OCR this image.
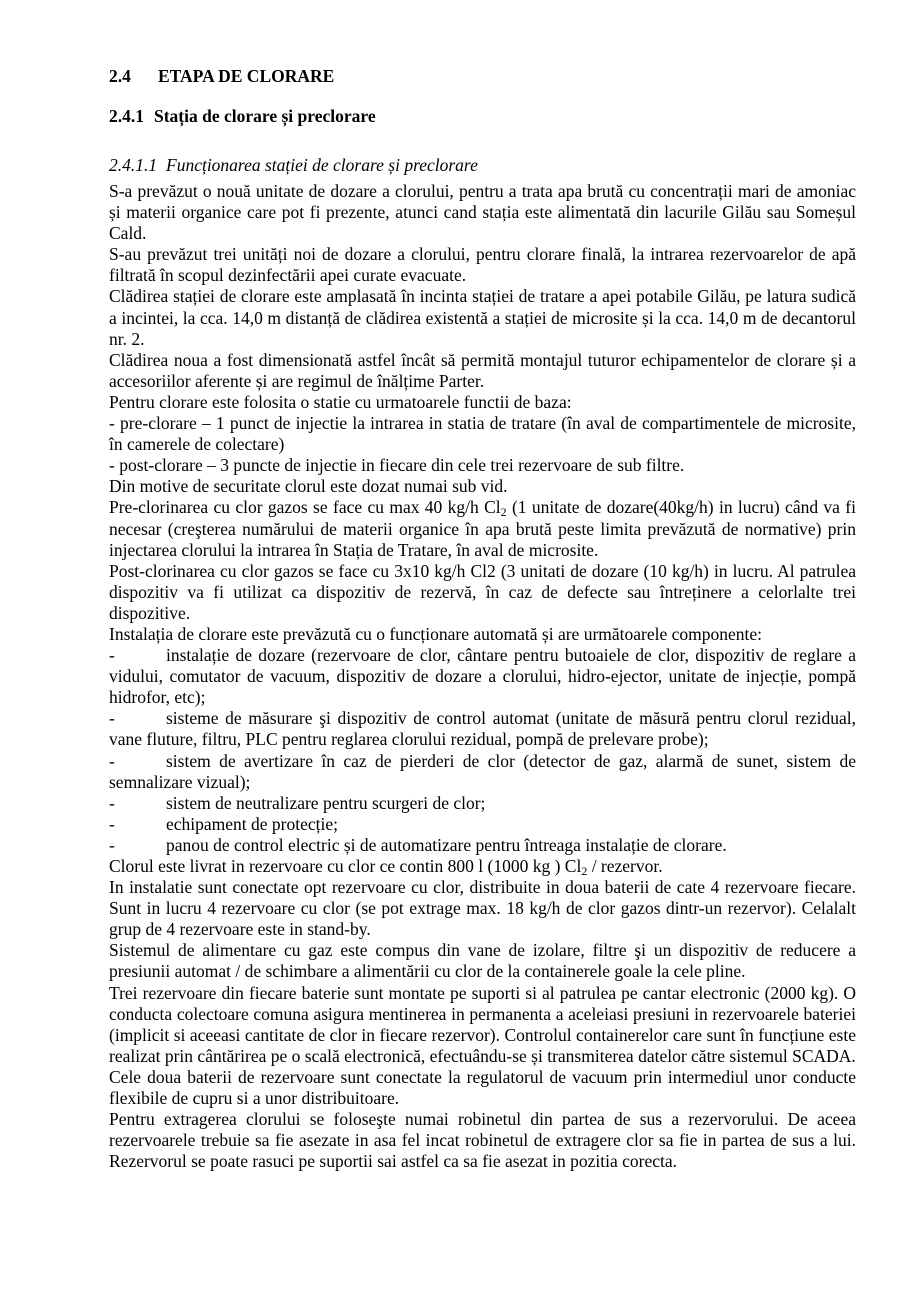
2.4 ETAPA DE CLORARE
2.4.1 Stația de clorare și preclorare
2.4.1.1 Funcționarea stației de clorare și preclorare

S-a prevăzut o nouă unitate de dozare a clorului, pentru a trata apa brută cu concentrații mari de amoniac și materii organice care pot fi prezente, atunci cand stația este alimentată din lacurile Gilău sau Someșul Cald.

S-au prevăzut trei unități noi de dozare a clorului, pentru clorare finală, la intrarea rezervoarelor de apă filtrată în scopul dezinfectării apei curate evacuate.

Clădirea stației de clorare este amplasată în incinta stației de tratare a apei potabile Gilău, pe latura sudică a incintei, la cca. 14,0 m distanță de clădirea existentă a stației de microsite și la cca. 14,0 m de decantorul nr. 2.

Clădirea noua a fost dimensionată astfel încât să permită montajul tuturor echipamentelor de clorare și a accesoriilor aferente și are regimul de înălțime Parter.

Pentru clorare este folosita o statie cu urmatoarele functii de baza:

- pre-clorare – 1 punct de injectie la intrarea in statia de tratare (în aval de compartimentele de microsite, în camerele de colectare)

- post-clorare – 3 puncte de injectie in fiecare din cele trei rezervoare de sub filtre.

Din motive de securitate clorul este dozat numai sub vid.

Pre-clorinarea cu clor gazos se face cu max 40 kg/h $Cl_2$ (1 unitate de dozare(40kg/h) in lucru) când va fi necesar (creşterea numărului de materii organice în apa brută peste limita prevăzută de normative) prin injectarea clorului la intrarea în Stația de Tratare, în aval de microsite.

Post-clorinarea cu clor gazos se face cu 3x10 kg/h Cl2 (3 unitati de dozare (10 kg/h) in lucru. Al patrulea dispozitiv va fi utilizat ca dispozitiv de rezervă, în caz de defecte sau întreținere a celorlalte trei dispozitive.

Instalația de clorare este prevăzută cu o funcționare automată și are următoarele componente:

-	instalație de dozare (rezervoare de clor, cântare pentru butoaiele de clor, dispozitiv de reglare a vidului, comutator de vacuum, dispozitiv de dozare a clorului, hidro-ejector, unitate de injecție, pompă hidrofor, etc);

-	sisteme de măsurare şi dispozitiv de control automat (unitate de măsură pentru clorul rezidual, vane fluture, filtru, PLC pentru reglarea clorului rezidual, pompă de prelevare probe);

-	sistem de avertizare în caz de pierderi de clor (detector de gaz, alarmă de sunet, sistem de semnalizare vizual);

-	sistem de neutralizare pentru scurgeri de clor;

-	echipament de protecție;

-	panou de control electric și de automatizare pentru întreaga instalație de clorare.

Clorul este livrat in rezervoare cu clor ce contin 800 l (1000 kg ) $Cl_2$ / rezervor.

In instalatie sunt conectate opt rezervoare cu clor, distribuite in doua baterii de cate 4 rezervoare fiecare. Sunt in lucru 4 rezervoare cu clor (se pot extrage max. 18 kg/h de clor gazos dintr-un rezervor). Celalalt grup de 4 rezervoare este in stand-by.

Sistemul de alimentare cu gaz este compus din vane de izolare, filtre şi un dispozitiv de reducere a presiunii automat / de schimbare a alimentării cu clor de la containerele goale la cele pline.

Trei rezervoare din fiecare baterie sunt montate pe suporti si al patrulea pe cantar electronic (2000 kg). O conducta colectoare comuna asigura mentinerea in permanenta a aceleiasi presiuni in rezervoarele bateriei (implicit si aceeasi cantitate de clor in fiecare rezervor). Controlul containerelor care sunt în funcțiune este realizat prin cântărirea pe o scală electronică, efectuându-se și transmiterea datelor către sistemul SCADA.

Cele doua baterii de rezervoare sunt conectate la regulatorul de vacuum prin intermediul unor conducte flexibile de cupru si a unor distribuitoare.

Pentru extragerea clorului se foloseşte numai robinetul din partea de sus a rezervorului. De aceea rezervoarele trebuie sa fie asezate in asa fel incat robinetul de extragere clor sa fie in partea de sus a lui. Rezervorul se poate rasuci pe suportii sai astfel ca sa fie asezat in pozitia corecta.
